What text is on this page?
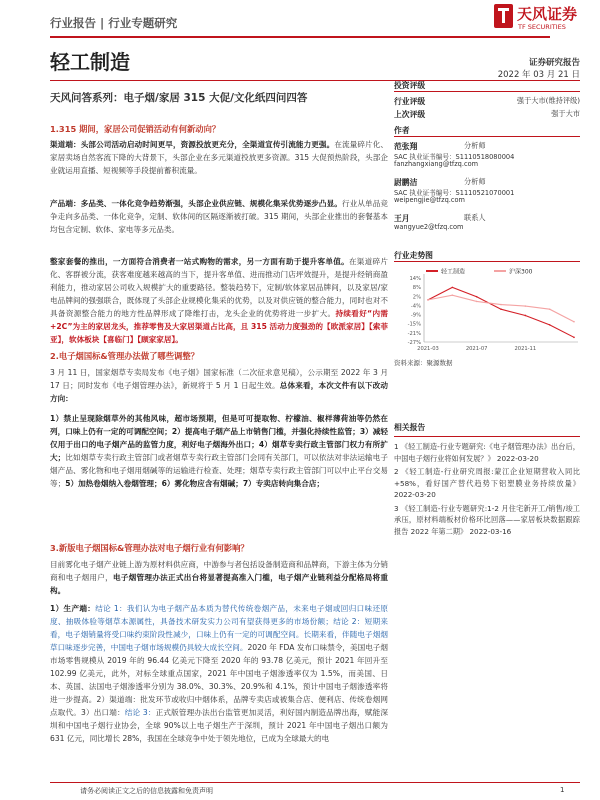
行业报告 | 行业专题研究	天风证券
TF SECURITIES
轻工制造	证券研究报告
2022 年 03 月 21 日
天风问答系列：电子烟/家居 315 大促/文化纸四问四答
1.315 期间，家居公司促销活动有何新动向？
渠道端：头部公司活动启动时间更早，资源投放更充分，全渠道宣传引流能力更强。在流量碎片化、家居卖场自然客流下降的大背景下，头部企业在多元渠道投放更多资源。315 大促预热阶段，头部企业就运用直播、短视频等手段提前蓄积流量。
产品端：多品类、一体化竞争趋势渐强，头部企业供应链、规模化集采优势逐步凸显。行业从单品竞争走向多品类、一体化竞争，定制、软体间的区隔逐渐被打破。315 期间，头部企业推出的套餐基本均包含定制、软体、家电等多元品类。
整家套餐的推出，一方面符合消费者一站式购物的需求，另一方面有助于提升客单值。在渠道碎片化、客群被分流，获客难度越来越高的当下，提升客单值、进而推动门店坪效提升，是提升经销商盈利能力，推动家居公司收入规模扩大的重要路径。整装趋势下，定制/软体家居品牌间，以及家居/家电品牌间的强强联合，既体现了头部企业规模化集采的优势，以及对供应链的整合能力，同时也对不具备资源整合能力的地方性品牌形成了降维打击，龙头企业的优势将进一步扩大。持续看好“内需+2C”为主的家居龙头，推荐零售及大家居渠道占比高，且 315 活动力度强劲的【欧派家居】【索菲亚】，软体板块【喜临门】【顾家家居】。
2.电子烟国标&管理办法做了哪些调整？
3 月 11 日，国家烟草专卖局发布《电子烟》国家标准（二次征求意见稿），公示期至 2022 年 3 月 17 日；同时发布《电子烟管理办法》，新规将于 5 月 1 日起生效。总体来看，本次文件有以下改动方向：
1）禁止呈现除烟草外的其他风味，超市场预期，但是可可提取物、柠檬油、椒样薄荷油等仍然在列，口味上仍有一定的可调配空间；2）提高电子烟产品上市销售门槛，并强化持续性监管；3）减轻仅用于出口的电子烟产品的监管力度，利好电子烟海外出口；4）烟草专卖行政主管部门权力有所扩大；比如烟草专卖行政主管部门或者烟草专卖行政主管部门会同有关部门，可以依法对非法运输电子烟产品、雾化物和电子烟用烟碱等的运输进行检查、处理；烟草专卖行政主管部门可以中止平台交易等；5）加热卷烟纳入卷烟管理；6）雾化物应含有烟碱；7）专卖店转向集合店；
3.新版电子烟国标&管理办法对电子烟行业有何影响？
目前雾化电子烟产业链上游为原材料供应商，中游参与者包括设备制造商和品牌商，下游主体为分销商和电子烟用户，电子烟管理办法正式出台将显著提高准入门槛，电子烟产业链利益分配格局将重构。
1）生产端：结论 1：我们认为电子烟产品本质为替代传统卷烟产品，未来电子烟或回归口味还原度、抽吸体验等烟草本源属性，具备技术研发实力公司有望获得更多的市场份额；结论 2：短期来看，电子烟销量将受口味约束阶段性减少，口味上仍有一定的可调配空间。长期来看，伴随电子烟烟草口味逐步完善，中国电子烟市场规模仍具较大成长空间。2020 年 FDA 发布口味禁令，美国电子烟市场零售规模从 2019 年的 96.44 亿美元下降至 2020 年的 93.78 亿美元，预计 2021 年回升至 102.99 亿美元，此外，对标全球重点国家，2021 年中国电子烟渗透率仅为 1.5%，而美国、日本、英国、法国电子烟渗透率分别为 38.0%、30.3%、20.9%和 4.1%，预计中国电子烟渗透率将进一步提高。2）渠道端：批发环节或收归中烟体系，品牌专卖店或被集合店、便利店、传统卷烟网点取代。3）出口端：结论 3：正式版管理办法出台监管更加灵活，利好国内制造品牌出海，赋能深圳和中国电子烟行业协会，全球 90%以上电子烟生产于深圳，预计 2021 年中国电子烟出口额为 631 亿元，同比增长 28%，我国在全球竞争中处于领先地位，已成为全球最大的电
投资评级
行业评级	强于大市(维持评级)
上次评级	强于大市
作者
范张翔	分析师
SAC 执业证书编号：S1110518080004
fanzhangxiang@tfzq.com
尉鹏洁	分析师
SAC 执业证书编号：S1110521070001
weipengjie@tfzq.com
王月	联系人
wangyue2@tfzq.com
行业走势图
14%
8%
2%
-4%
-9%
-15%
-21%
-27%
2021-03	2021-07	2021-11
轻工制造	沪深300
资料来源：聚源数据
相关报告
1 《轻工制造-行业专题研究:《电子烟管理办法》出台后，中国电子烟行业将如何发展？》 2022-03-20
2 《轻工制造-行业研究周报:蒙江企业短期营收入同比+58%，看好国产替代趋势下铝塑膜业务持续放量》 2022-03-20
3 《轻工制造-行业专题研究:1-2 月住宅新开工/销售/竣工承压，原材料端板材价格环比回落——家居板块数据跟踪报告 2022 年第二期》 2022-03-16
请务必阅读正文之后的信息披露和免责声明	1
